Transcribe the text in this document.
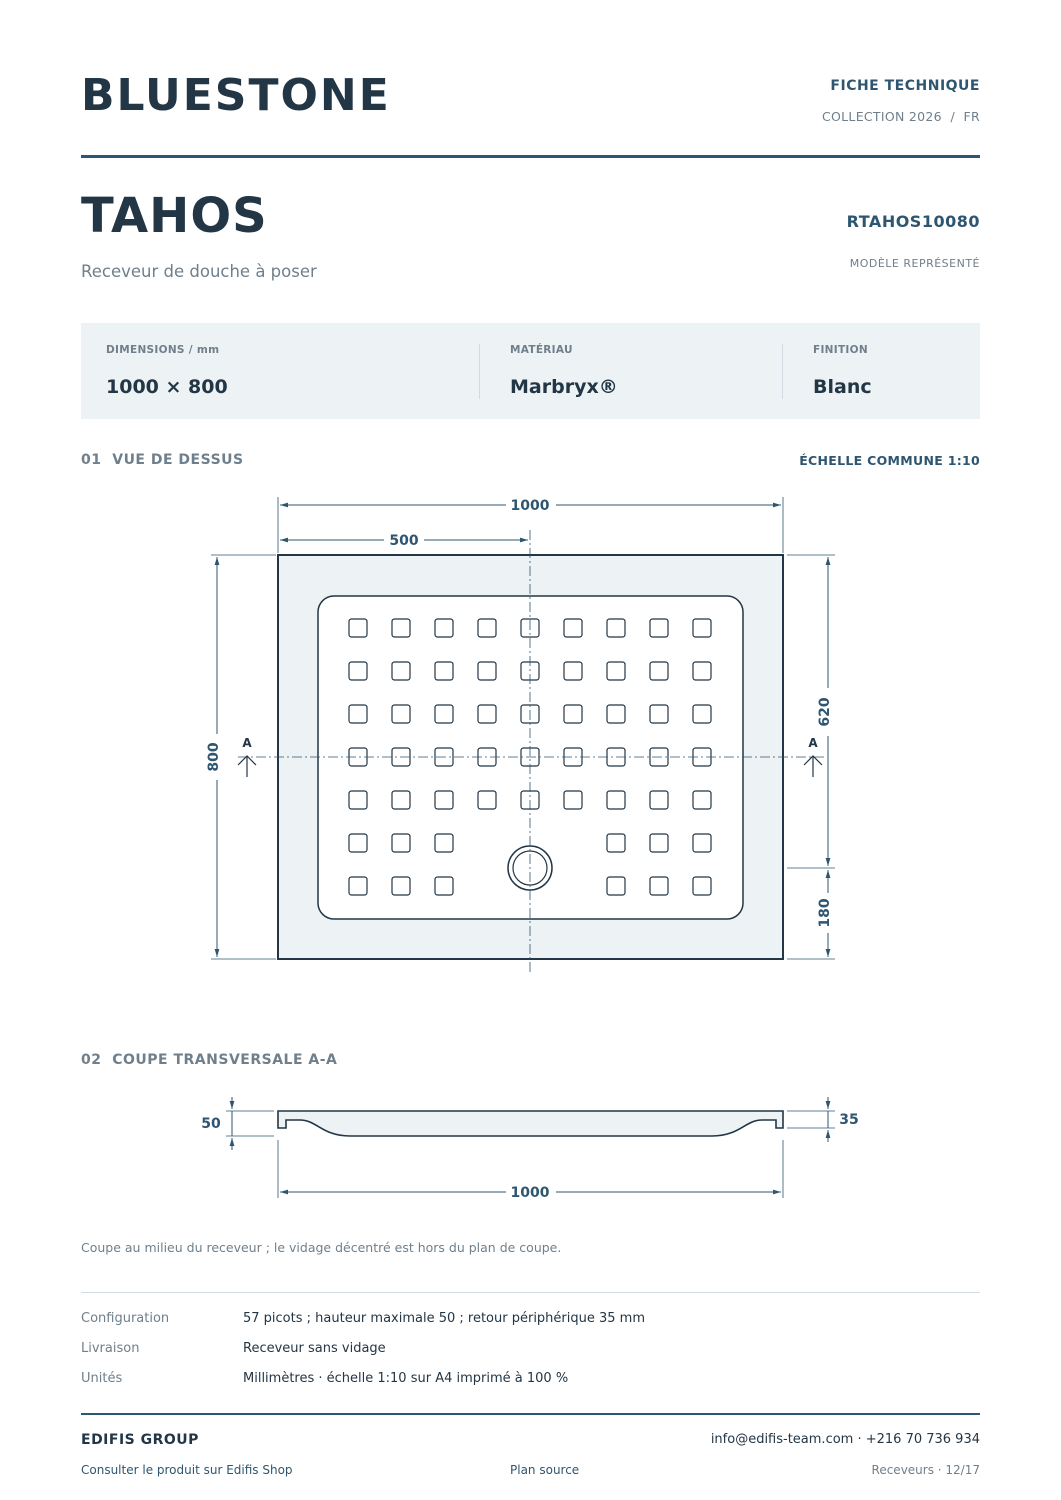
BLUESTONE	FICHE TECHNIQUE
COLLECTION 2026  /  FR
TAHOS
Receveur de douche à poser
RTAHOS10080
MODÈLE REPRÉSENTÉ
DIMENSIONS / mm
1000 × 800
MATÉRIAU
Marbryx®
FINITION
Blanc
01  VUE DE DESSUS	ÉCHELLE COMMUNE 1:10
1000
500
800
620
180
A	A
02  COUPE TRANSVERSALE A-A
50	35
1000
Coupe au milieu du receveur ; le vidage décentré est hors du plan de coupe.
Configuration	57 picots ; hauteur maximale 50 ; retour périphérique 35 mm
Livraison	Receveur sans vidage
Unités	Millimètres · échelle 1:10 sur A4 imprimé à 100 %
EDIFIS GROUP	info@edifis-team.com · +216 70 736 934
Consulter le produit sur Edifis Shop	Plan source	Receveurs · 12/17
